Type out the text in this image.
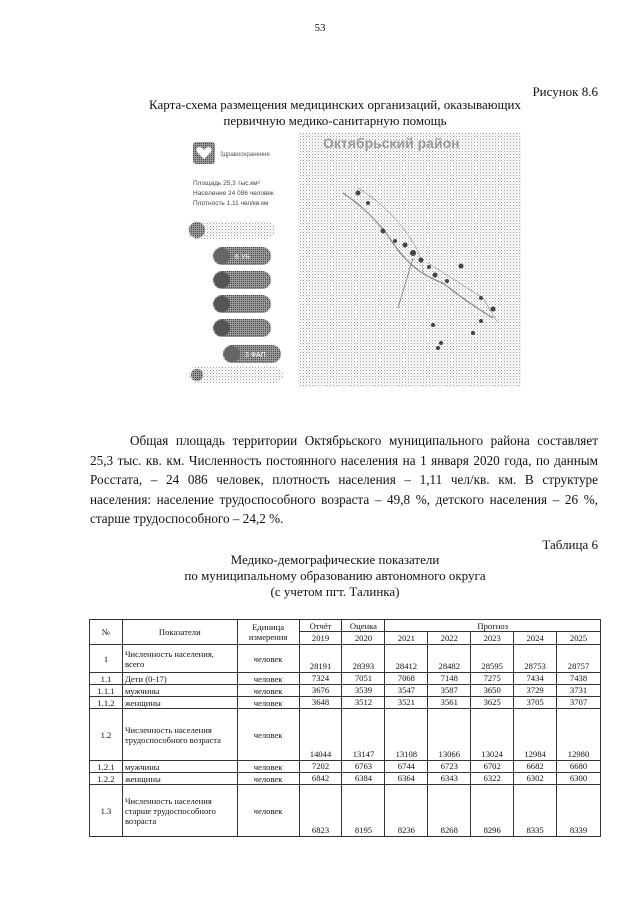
53
Рисунок 8.6
Карта-схема размещения медицинских организаций, оказывающих
первичную медико-санитарную помощь
Здравоохранение
Октябрьский район
Площадь 25,3 тыс.км²
Население 24 086 человек
Плотность 1,11 чел/кв.км
6 УБ
3 ФАП

Общая площадь территории Октябрьского муниципального района составляет 25,3 тыс. кв. км. Численность постоянного населения на 1 января 2020 года, по данным Росстата, – 24 086 человек, плотность населения – 1,11 чел/кв. км. В структуре населения: население трудоспособного возраста – 49,8 %, детского населения – 26 %, старше трудоспособного – 24,2 %.

Таблица 6
Медико-демографические показатели
по муниципальному образованию автономного округа
(с учетом пгт. Талинка)
№	Показатели	Единица измерения	Отчёт	Оценка	Прогноз				
			2019	2020	2021	2022	2023	2024	2025
1	Численность населения, всего	человек	28191	28393	28412	28482	28595	28753	28757
1.1	Дети (0-17)	человек	7324	7051	7068	7148	7275	7434	7438
1.1.1	мужчины	человек	3676	3539	3547	3587	3650	3729	3731
1.1.2	женщины	человек	3648	3512	3521	3561	3625	3705	3707
1.2	Численность населения трудоспособного возраста	человек	14044	13147	13108	13066	13024	12984	12980
1.2.1	мужчины	человек	7202	6763	6744	6723	6702	6682	6680
1.2.2	женщины	человек	6842	6384	6364	6343	6322	6302	6300
1.3	Численность населения старше трудоспособного возраста	человек	6823	8195	8236	8268	8296	8335	8339
